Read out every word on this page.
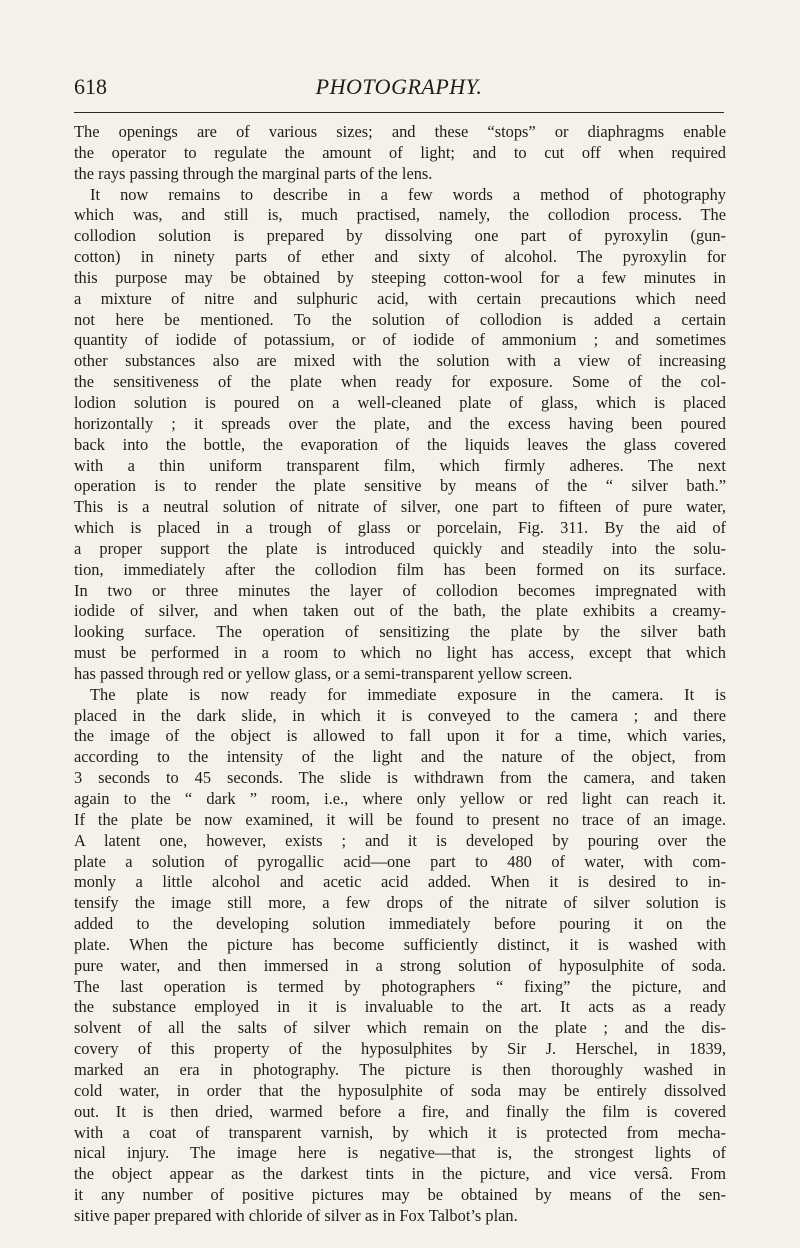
618	PHOTOGRAPHY.
The openings are of various sizes; and these “stops” or diaphragms enable
the operator to regulate the amount of light; and to cut off when required
the rays passing through the marginal parts of the lens.
It now remains to describe in a few words a method of photography
which was, and still is, much practised, namely, the collodion process. The
collodion solution is prepared by dissolving one part of pyroxylin (gun-
cotton) in ninety parts of ether and sixty of alcohol. The pyroxylin for
this purpose may be obtained by steeping cotton-wool for a few minutes in
a mixture of nitre and sulphuric acid, with certain precautions which need
not here be mentioned. To the solution of collodion is added a certain
quantity of iodide of potassium, or of iodide of ammonium ; and sometimes
other substances also are mixed with the solution with a view of increasing
the sensitiveness of the plate when ready for exposure. Some of the col-
lodion solution is poured on a well-cleaned plate of glass, which is placed
horizontally ; it spreads over the plate, and the excess having been poured
back into the bottle, the evaporation of the liquids leaves the glass covered
with a thin uniform transparent film, which firmly adheres. The next
operation is to render the plate sensitive by means of the “ silver bath.”
This is a neutral solution of nitrate of silver, one part to fifteen of pure water,
which is placed in a trough of glass or porcelain, Fig. 311. By the aid of
a proper support the plate is introduced quickly and steadily into the solu-
tion, immediately after the collodion film has been formed on its surface.
In two or three minutes the layer of collodion becomes impregnated with
iodide of silver, and when taken out of the bath, the plate exhibits a creamy-
looking surface. The operation of sensitizing the plate by the silver bath
must be performed in a room to which no light has access, except that which
has passed through red or yellow glass, or a semi-transparent yellow screen.
The plate is now ready for immediate exposure in the camera. It is
placed in the dark slide, in which it is conveyed to the camera ; and there
the image of the object is allowed to fall upon it for a time, which varies,
according to the intensity of the light and the nature of the object, from
3 seconds to 45 seconds. The slide is withdrawn from the camera, and taken
again to the “ dark ” room, i.e., where only yellow or red light can reach it.
If the plate be now examined, it will be found to present no trace of an image.
A latent one, however, exists ; and it is developed by pouring over the
plate a solution of pyrogallic acid—one part to 480 of water, with com-
monly a little alcohol and acetic acid added. When it is desired to in-
tensify the image still more, a few drops of the nitrate of silver solution is
added to the developing solution immediately before pouring it on the
plate. When the picture has become sufficiently distinct, it is washed with
pure water, and then immersed in a strong solution of hyposulphite of soda.
The last operation is termed by photographers “ fixing” the picture, and
the substance employed in it is invaluable to the art. It acts as a ready
solvent of all the salts of silver which remain on the plate ; and the dis-
covery of this property of the hyposulphites by Sir J. Herschel, in 1839,
marked an era in photography. The picture is then thoroughly washed in
cold water, in order that the hyposulphite of soda may be entirely dissolved
out. It is then dried, warmed before a fire, and finally the film is covered
with a coat of transparent varnish, by which it is protected from mecha-
nical injury. The image here is negative—that is, the strongest lights of
the object appear as the darkest tints in the picture, and vice versâ. From
it any number of positive pictures may be obtained by means of the sen-
sitive paper prepared with chloride of silver as in Fox Talbot’s plan.
